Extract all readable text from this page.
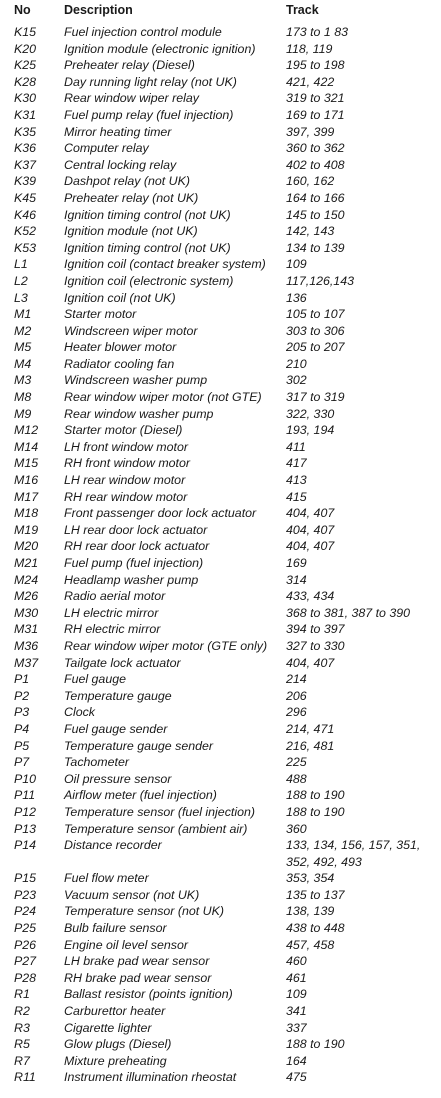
No	Description	Track
K15 Fuel injection control module	173 to 1 83
K20 Ignition module (electronic ignition) 118, 119
K25 Preheater relay (Diesel)	195 to 198
K28 Day running light relay (not UK)	421, 422
K30 Rear window wiper relay	319 to 321
K31 Fuel pump relay (fuel injection)	169 to 171
K35 Mirror heating timer	397, 399
K36 Computer relay	360 to 362
K37 Central locking relay	402 to 408
K39 Dashpot relay (not UK)	160, 162
K45 Preheater relay (not UK)	164 to 166
K46 Ignition timing control (not UK)	145 to 150
K52 Ignition module (not UK)	142, 143
K53 Ignition timing control (not UK)	134 to 139
L1	Ignition coil (contact breaker system) 109
L2	Ignition coil (electronic system)	117,126,143
L3	Ignition coil (not UK)	136
M1	Starter motor	105 to 107
M2	Windscreen wiper motor	303 to 306
M5	Heater blower motor	205 to 207
M4	Radiator cooling fan	210
M3	Windscreen washer pump	302
M8	Rear window wiper motor (not GTE) 317 to 319
M9	Rear window washer pump	322, 330
M12 Starter motor (Diesel)	193, 194
M14 LH front window motor	411
M15 RH front window motor	417
M16 LH rear window motor	413
M17 RH rear window motor	415
M18 Front passenger door lock actuator 404, 407
M19 LH rear door lock actuator	404, 407
M20 RH rear door lock actuator	404, 407
M21 Fuel pump (fuel injection)	169
M24 Headlamp washer pump	314
M26 Radio aerial motor	433, 434
M30 LH electric mirror	368 to 381, 387 to 390
M31 RH electric mirror	394 to 397
M36 Rear window wiper motor (GTE only) 327 to 330
M37 Tailgate lock actuator	404, 407
P1	Fuel gauge	214
P2	Temperature gauge	206
P3	Clock	296
P4	Fuel gauge sender	214, 471
P5	Temperature gauge sender	216, 481
P7	Tachometer	225
P10 Oil pressure sensor	488
P11 Airflow meter (fuel injection)	188 to 190
P12 Temperature sensor (fuel injection) 188 to 190
P13 Temperature sensor (ambient air)	360
P14 Distance recorder	133, 134, 156, 157, 351,
352, 492, 493
P15 Fuel flow meter	353, 354
P23 Vacuum sensor (not UK)	135 to 137
P24 Temperature sensor (not UK)	138, 139
P25 Bulb failure sensor	438 to 448
P26 Engine oil level sensor	457, 458
P27 LH brake pad wear sensor	460
P28 RH brake pad wear sensor	461
R1	Ballast resistor (points ignition)	109
R2	Carburettor heater	341
R3	Cigarette lighter	337
R5	Glow plugs (Diesel)	188 to 190
R7	Mixture preheating	164
R11 Instrument illumination rheostat	475
